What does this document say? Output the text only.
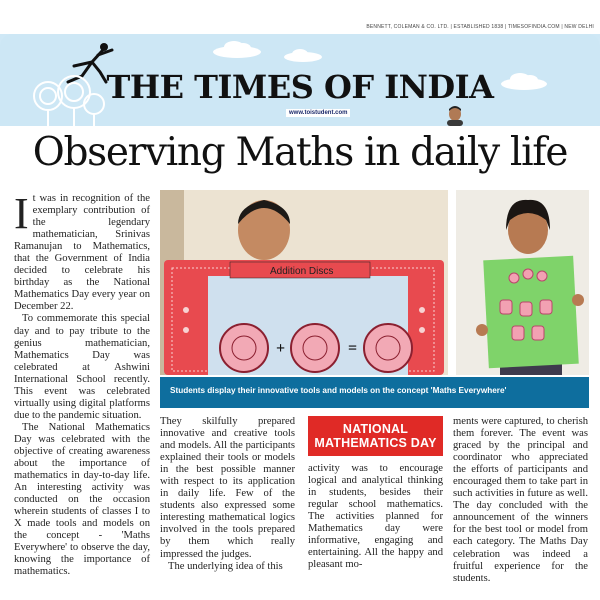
BENNETT, COLEMAN & CO. LTD. | ESTABLISHED 1838 | TIMESOFINDIA.COM | NEW DELHI
THE TIMES OF INDIA
www.toistudent.com
Observing Maths in daily life
I t was in recognition of the exemplary contribution of the legendary mathematician, Srinivas Ramanujan to Mathematics, that the Government of India decided to celebrate his birthday as the National Mathematics Day every year on December 22.

To commemorate this special day and to pay tribute to the genius mathematician, Mathematics Day was celebrated at Ashwini International School recently. This event was celebrated virtually using digital platforms due to the pandemic situation.

The National Mathematics Day was celebrated with the objective of creating awareness about the importance of mathematics in day-to-day life. An interesting activity was conducted on the occasion wherein students of classes I to X made tools and models on the concept - 'Maths Everywhere' to observe the day, knowing the importance of mathematics.

Addition Discs
+	=
Students display their innovative tools and models on the concept 'Maths Everywhere'

They skilfully prepared innovative and creative tools and models. All the participants explained their tools or models in the best possible manner with respect to its application in daily life. Few of the students also expressed some interesting mathematical logics involved in the tools prepared by them which really impressed the judges.

The underlying idea of this

NATIONAL
MATHEMATICS DAY

activity was to encourage logical and analytical thinking in students, besides their regular school mathematics. The activities planned for Mathematics day were informative, engaging and entertaining. All the happy and pleasant mo-

ments were captured, to cherish them forever. The event was graced by the principal and coordinator who appreciated the efforts of participants and encouraged them to take part in such activities in future as well. The day concluded with the announcement of the winners for the best tool or model from each category. The Maths Day celebration was indeed a fruitful experience for the students.
